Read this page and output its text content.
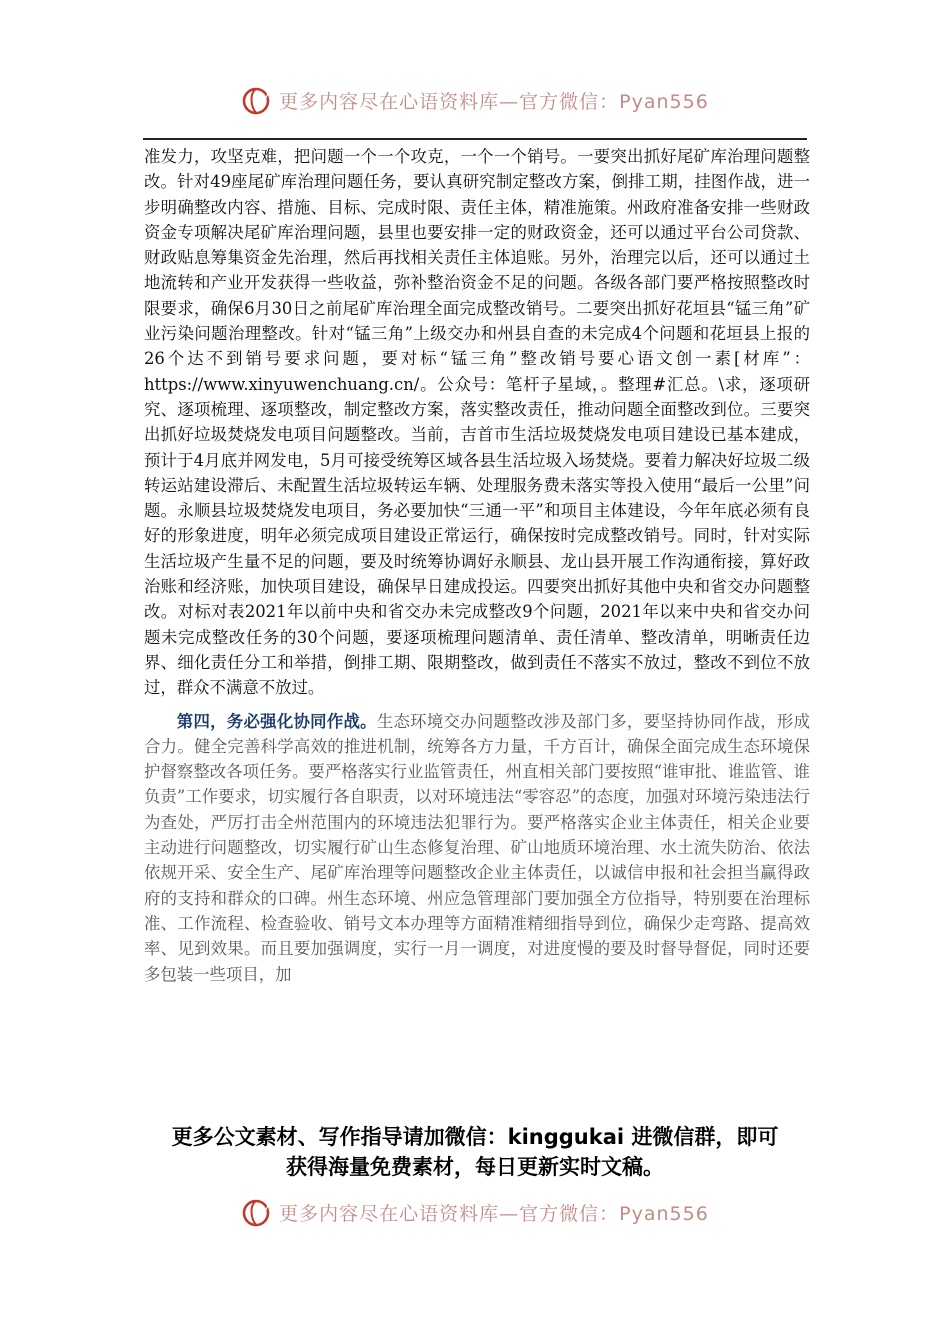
更多内容尽在心语资料库—官方微信：Pyan556

准发力，攻坚克难，把问题一个一个攻克，一个一个销号。一要突出抓好尾矿库治理问题整改。针对49座尾矿库治理问题任务，要认真研究制定整改方案，倒排工期，挂图作战，进一步明确整改内容、措施、目标、完成时限、责任主体，精准施策。州政府准备安排一些财政资金专项解决尾矿库治理问题，县里也要安排一定的财政资金，还可以通过平台公司贷款、财政贴息筹集资金先治理，然后再找相关责任主体追账。另外，治理完以后，还可以通过土地流转和产业开发获得一些收益，弥补整治资金不足的问题。各级各部门要严格按照整改时限要求，确保6月30日之前尾矿库治理全面完成整改销号。二要突出抓好花垣县“锰三角”矿业污染问题治理整改。针对“锰三角”上级交办和州县自查的未完成4个问题和花垣县上报的26个达不到销号要求问题，要对标“锰三角”整改销号要心语文创一素[材库”：https://www.xinyuwenchuang.cn/。公众号：笔杆子星域，。整理#汇总。\求，逐项研究、逐项梳理、逐项整改，制定整改方案，落实整改责任，推动问题全面整改到位。三要突出抓好垃圾焚烧发电项目问题整改。当前，吉首市生活垃圾焚烧发电项目建设已基本建成，预计于4月底并网发电，5月可接受统筹区域各县生活垃圾入场焚烧。要着力解决好垃圾二级转运站建设滞后、未配置生活垃圾转运车辆、处理服务费未落实等投入使用“最后一公里”问题。永顺县垃圾焚烧发电项目，务必要加快“三通一平”和项目主体建设，今年年底必须有良好的形象进度，明年必须完成项目建设正常运行，确保按时完成整改销号。同时，针对实际生活垃圾产生量不足的问题，要及时统筹协调好永顺县、龙山县开展工作沟通衔接，算好政治账和经济账，加快项目建设，确保早日建成投运。四要突出抓好其他中央和省交办问题整改。对标对表2021年以前中央和省交办未完成整改9个问题，2021年以来中央和省交办问题未完成整改任务的30个问题，要逐项梳理问题清单、责任清单、整改清单，明晰责任边界、细化责任分工和举措，倒排工期、限期整改，做到责任不落实不放过，整改不到位不放过，群众不满意不放过。

第四，务必强化协同作战。生态环境交办问题整改涉及部门多，要坚持协同作战，形成合力。健全完善科学高效的推进机制，统筹各方力量，千方百计，确保全面完成生态环境保护督察整改各项任务。要严格落实行业监管责任，州直相关部门要按照“谁审批、谁监管、谁负责”工作要求，切实履行各自职责，以对环境违法“零容忍”的态度，加强对环境污染违法行为查处，严厉打击全州范围内的环境违法犯罪行为。要严格落实企业主体责任，相关企业要主动进行问题整改，切实履行矿山生态修复治理、矿山地质环境治理、水土流失防治、依法依规开采、安全生产、尾矿库治理等问题整改企业主体责任，以诚信申报和社会担当赢得政府的支持和群众的口碑。州生态环境、州应急管理部门要加强全方位指导，特别要在治理标准、工作流程、检查验收、销号文本办理等方面精准精细指导到位，确保少走弯路、提高效率、见到效果。而且要加强调度，实行一月一调度，对进度慢的要及时督导督促，同时还要多包装一些项目，加

更多公文素材、写作指导请加微信：kinggukai 进微信群，即可
获得海量免费素材，每日更新实时文稿。
更多内容尽在心语资料库—官方微信：Pyan556
